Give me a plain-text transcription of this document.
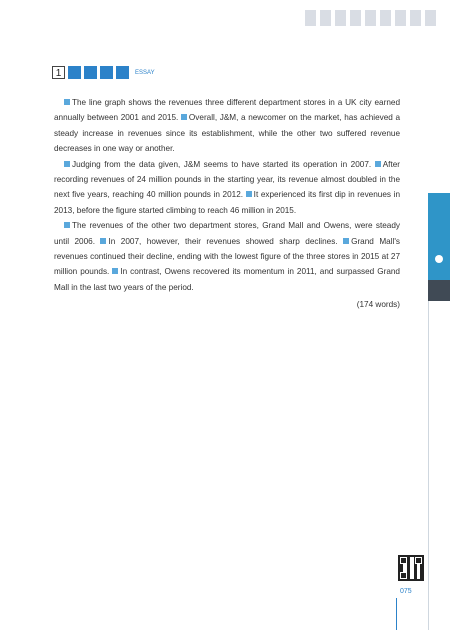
1	ESSAY

The line graph shows the revenues three different department stores in a UK city earned annually between 2001 and 2015. Overall, J&M, a newcomer on the market, has achieved a steady increase in revenues since its establishment, while the other two suffered revenue decreases in one way or another.

Judging from the data given, J&M seems to have started its operation in 2007. After recording revenues of 24 million pounds in the starting year, its revenue almost doubled in the next five years, reaching 40 million pounds in 2012. It experienced its first dip in revenues in 2013, before the figure started climbing to reach 46 million in 2015.

The revenues of the other two department stores, Grand Mall and Owens, were steady until 2006. In 2007, however, their revenues showed sharp declines. Grand Mall's revenues continued their decline, ending with the lowest figure of the three stores in 2015 at 27 million pounds. In contrast, Owens recovered its momentum in 2011, and surpassed Grand Mall in the last two years of the period.

(174 words)
075
